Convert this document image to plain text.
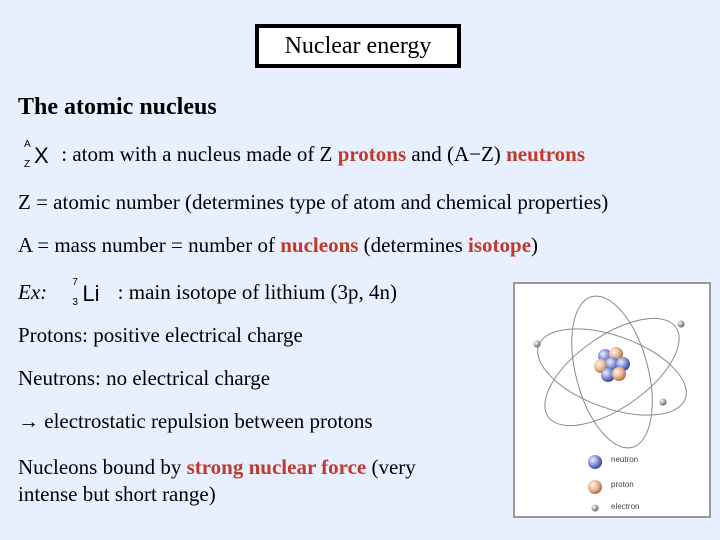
Nuclear energy
The atomic nucleus
A
Z X : atom with a nucleus made of Z protons and (A−Z) neutrons
Z = atomic number (determines type of atom and chemical properties)
A = mass number = number of nucleons (determines isotope)
Ex:	7
3 Li : main isotope of lithium (3p, 4n)
Protons: positive electrical charge
Neutrons: no electrical charge
→ electrostatic repulsion between protons
Nucleons bound by strong nuclear force (very
intense but short range)
neutron
proton
electron
